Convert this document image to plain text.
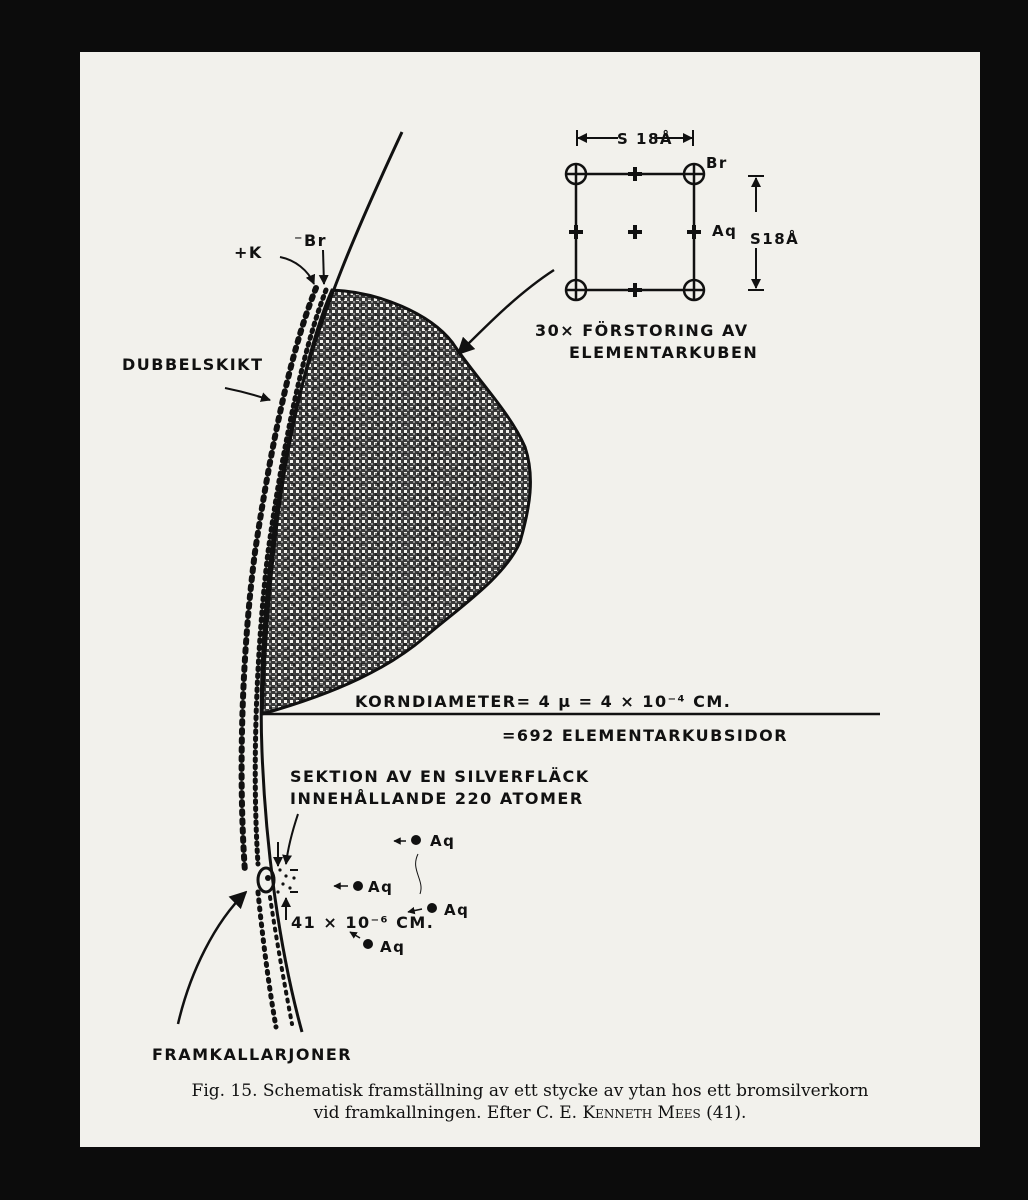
+K
⁻Br
DUBBELSKIKT
S 18Å
S18Å
Br
Aq
30× FÖRSTORING AV
ELEMENTARKUBEN
KORNDIAMETER= 4 μ = 4 × 10⁻⁴ CM.
=692 ELEMENTARKUBSIDOR
SEKTION AV EN SILVERFLÄCK
INNEHÅLLANDE 220 ATOMER
41 × 10⁻⁶ CM.
Aq
Aq
Aq
Aq
FRAMKALLARJONER
Fig. 15. Schematisk framställning av ett stycke av ytan hos ett bromsilverkorn
vid framkallningen. Efter C. E. Kenneth Mees (41).
